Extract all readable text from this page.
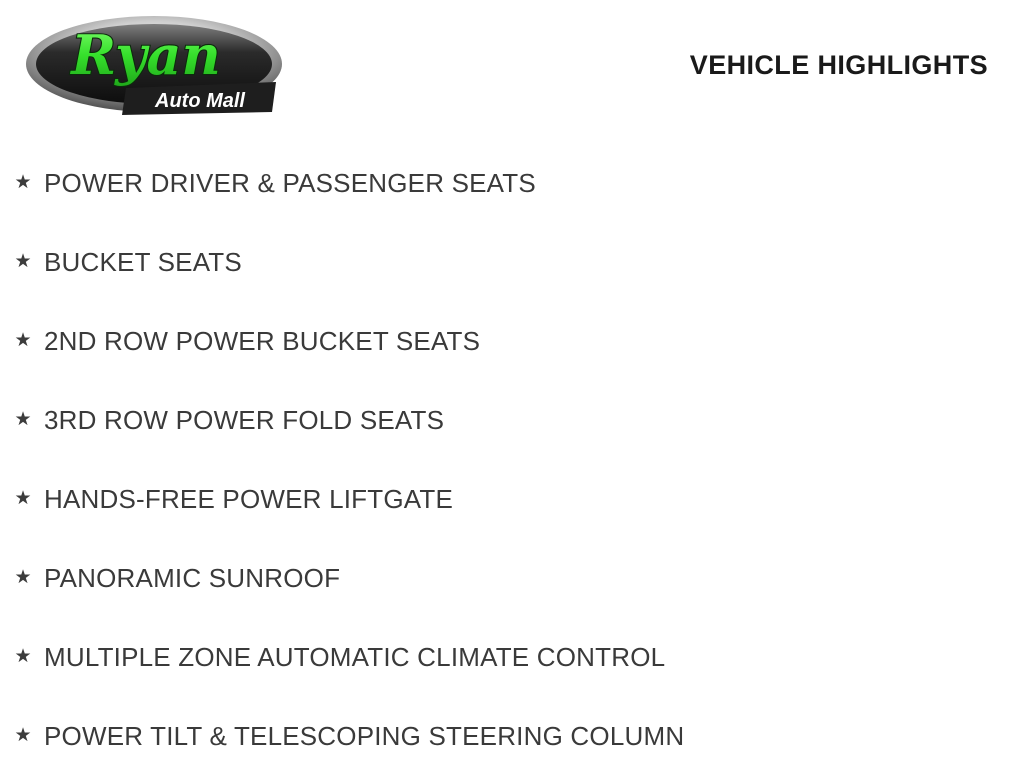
Ryan
Auto Mall
VEHICLE HIGHLIGHTS
★ POWER DRIVER & PASSENGER SEATS
★ BUCKET SEATS
★ 2ND ROW POWER BUCKET SEATS
★ 3RD ROW POWER FOLD SEATS
★ HANDS-FREE POWER LIFTGATE
★ PANORAMIC SUNROOF
★ MULTIPLE ZONE AUTOMATIC CLIMATE CONTROL
★ POWER TILT & TELESCOPING STEERING COLUMN
